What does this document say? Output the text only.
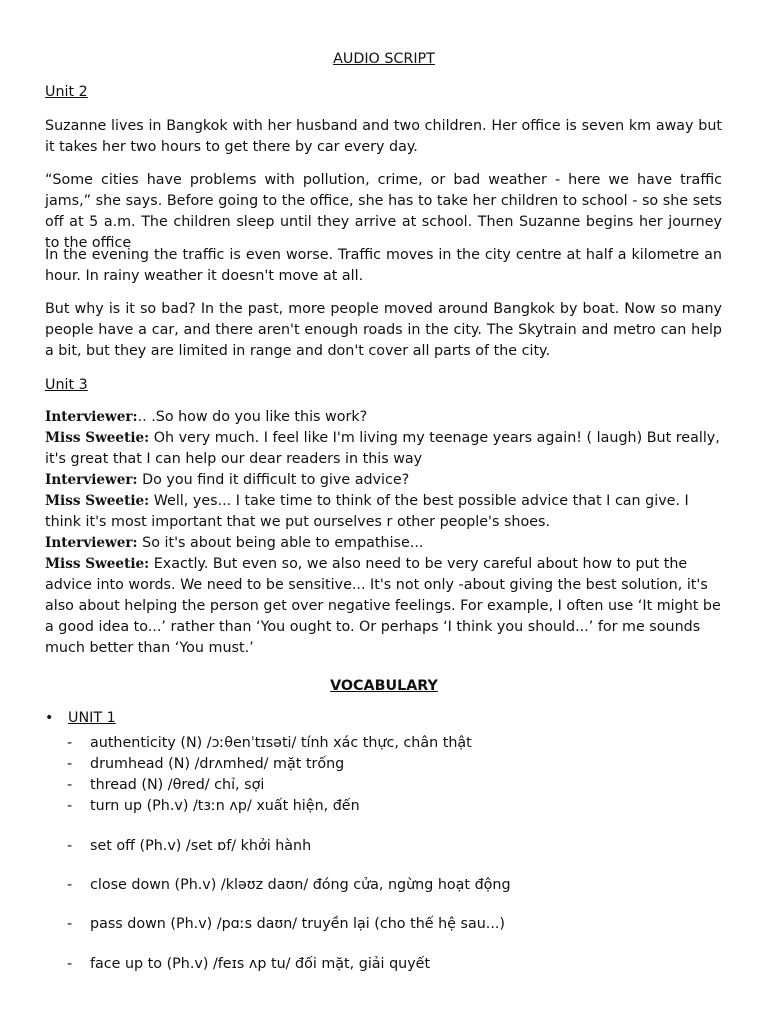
AUDIO SCRIPT
Unit 2

Suzanne lives in Bangkok with her husband and two children. Her office is seven km away but it takes her two hours to get there by car every day.

“Some cities have problems with pollution, crime, or bad weather - here we have traffic jams,” she says. Before going to the office, she has to take her children to school - so she sets off at 5 a.m. The children sleep until they arrive at school. Then Suzanne begins her journey to the office

In the evening the traffic is even worse. Traffic moves in the city centre at half a kilometre an hour. In rainy weather it doesn't move at all.

But why is it so bad? In the past, more people moved around Bangkok by boat. Now so many people have a car, and there aren't enough roads in the city. The Skytrain and metro can help a bit, but they are limited in range and don't cover all parts of the city.

Unit 3
Interviewer:.. .So how do you like this work?
Miss Sweetie: Oh very much. I feel like I'm living my teenage years again! ( laugh) But really, it's great that I can help our dear readers in this way
Interviewer: Do you find it difficult to give advice?
Miss Sweetie: Well, yes... I take time to think of the best possible advice that I can give. I think it's most important that we put ourselves r other people's shoes.
Interviewer: So it's about being able to empathise...
Miss Sweetie: Exactly. But even so, we also need to be very careful about how to put the advice into words. We need to be sensitive... It's not only -about giving the best solution, it's also about helping the person get over negative feelings. For example, I often use ‘It might be a good idea to...’ rather than ‘You ought to. Or perhaps ‘I think you should...’ for me sounds much better than ‘You must.’
VOCABULARY
• UNIT 1
- authenticity (N) /ɔːθenˈtɪsəti/ tính xác thực, chân thật
- drumhead (N) /drʌmhed/ mặt trống
- thread (N) /θred/ chỉ, sợi
- turn up (Ph.v) /tɜːn ʌp/ xuất hiện, đến
- set off (Ph.v) /set ɒf/ khởi hành
- close down (Ph.v) /kləʊz daʊn/ đóng cửa, ngừng hoạt động
- pass down (Ph.v) /pɑːs daʊn/ truyền lại (cho thế hệ sau...)
- face up to (Ph.v) /feɪs ʌp tu/ đối mặt, giải quyết
